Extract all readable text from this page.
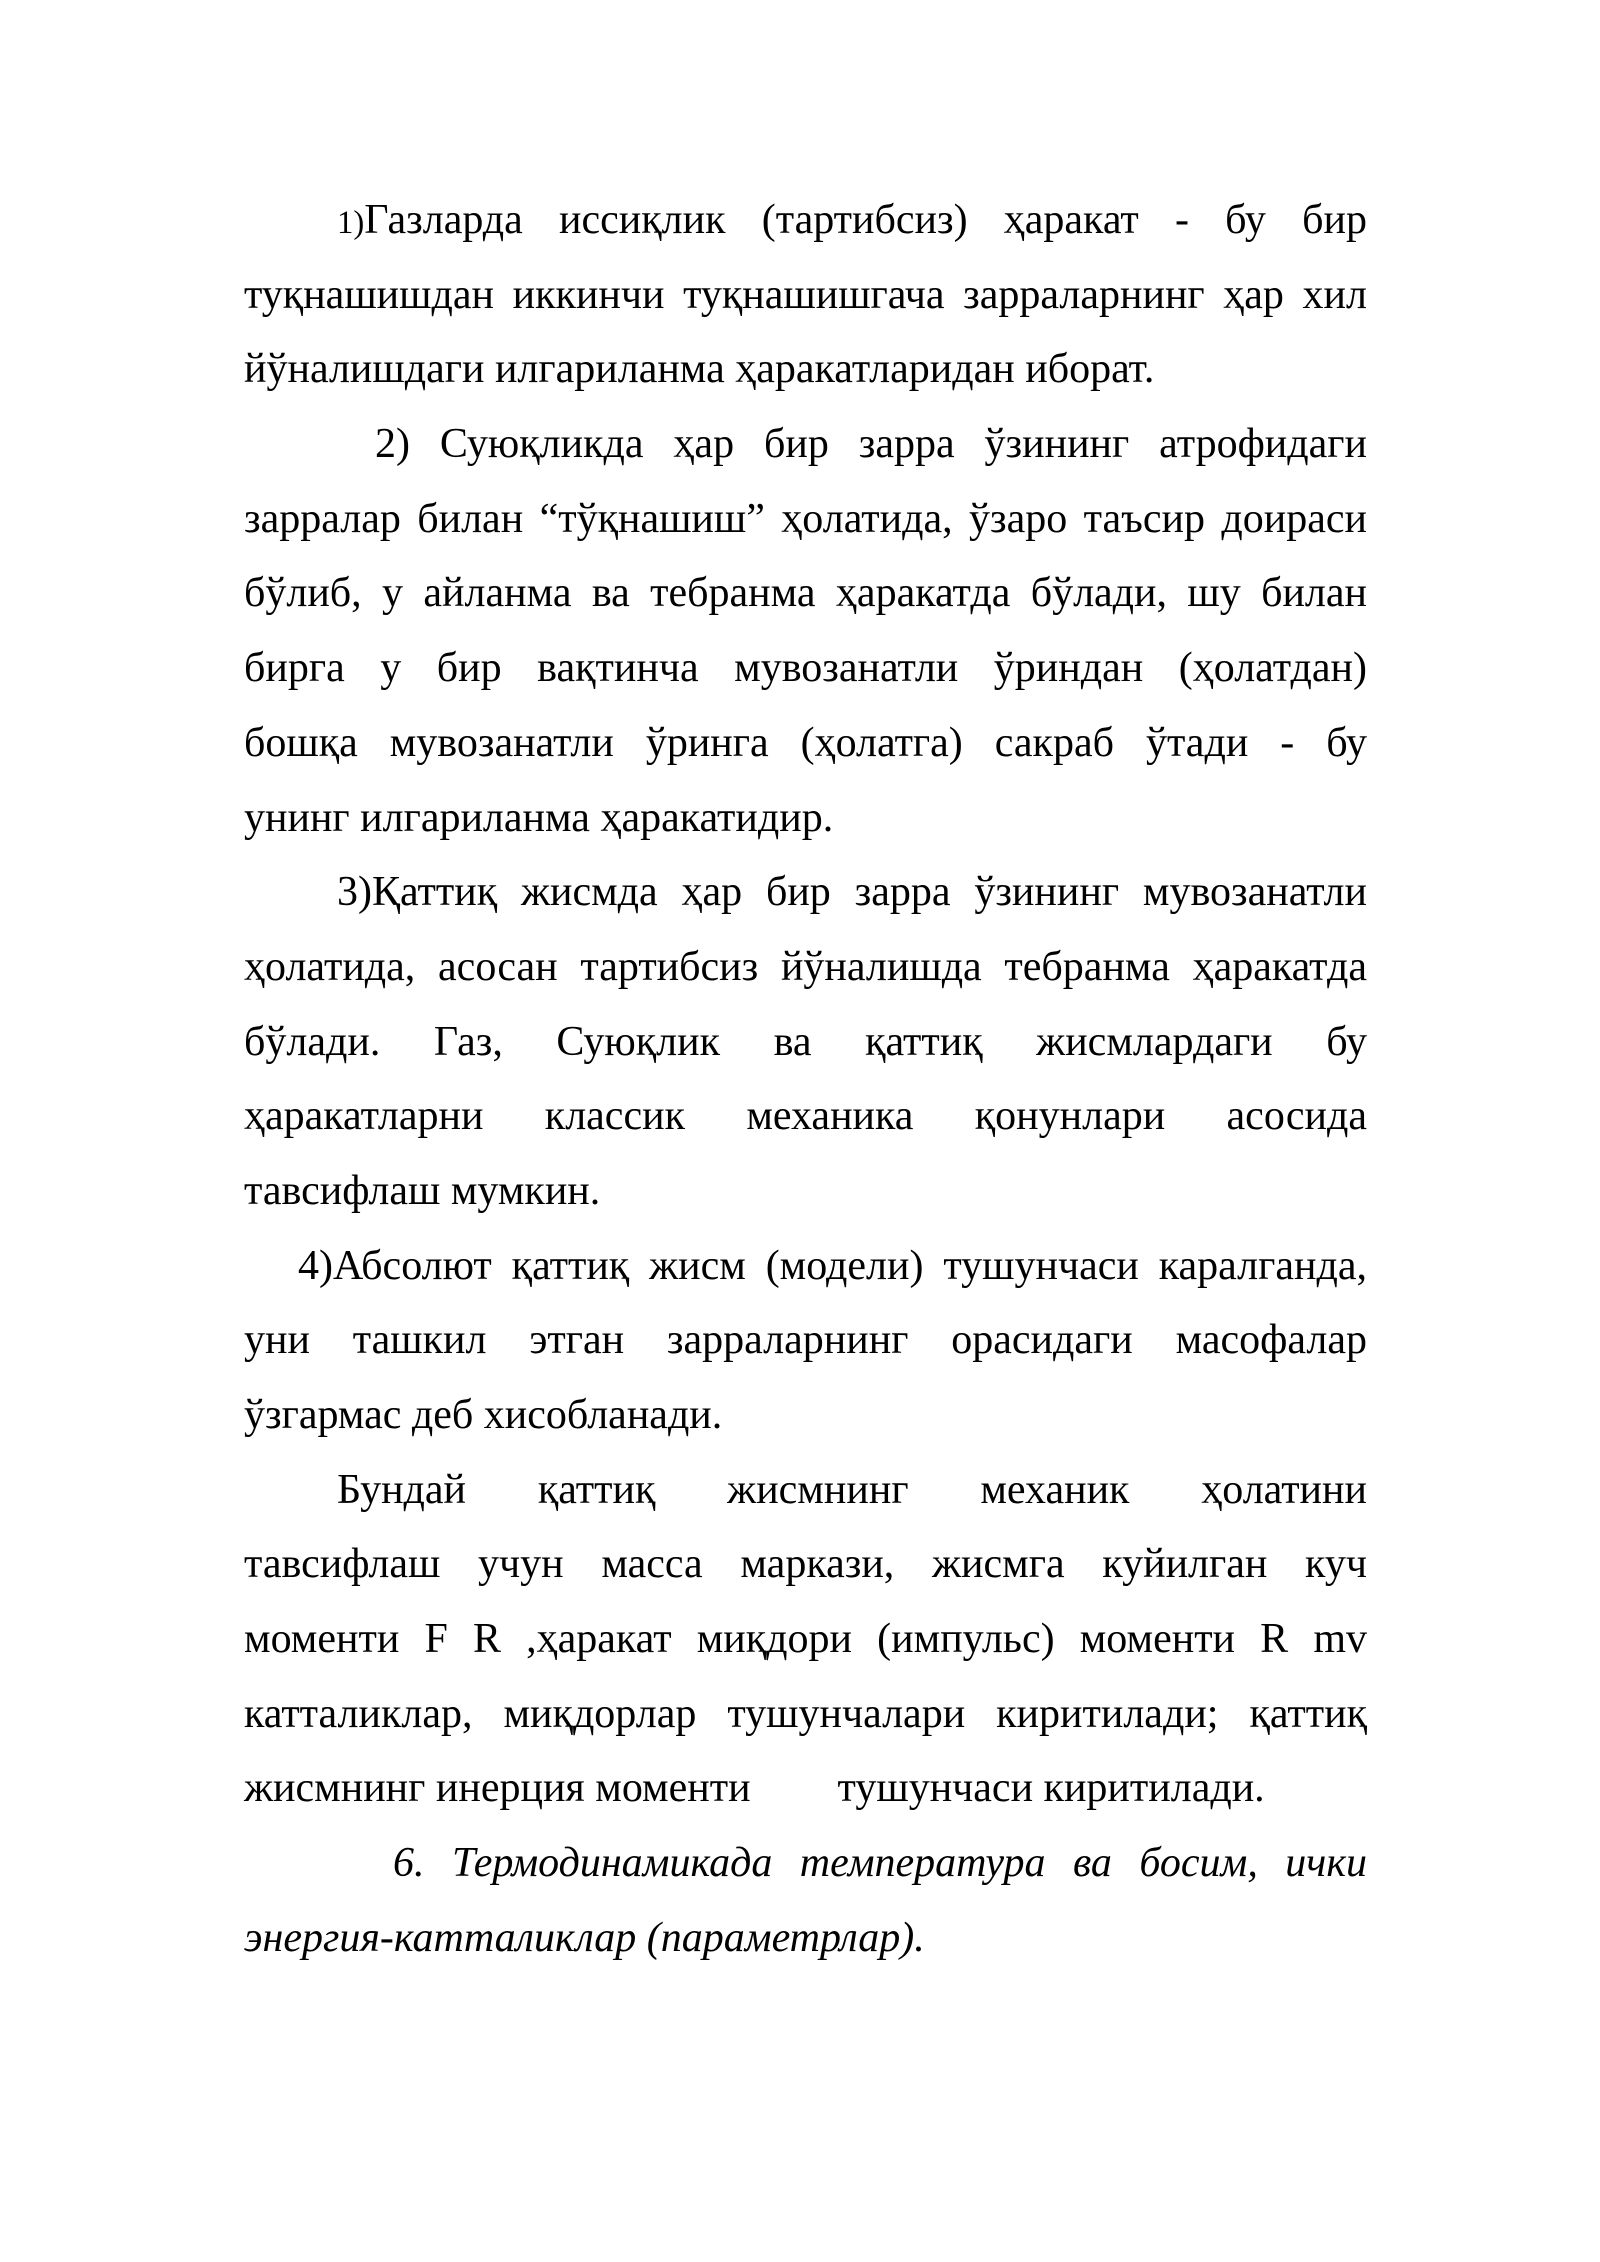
1)Газларда иссиқлик (тартибсиз) ҳаракат - бу бир
туқнашишдан иккинчи туқнашишгача зарраларнинг ҳар хил
йўналишдаги илгариланма ҳаракатларидан иборат.
2) Суюқликда ҳар бир зарра ўзининг атрофидаги
зарралар билан “тўқнашиш” ҳолатида, ўзаро таъсир доираси
бўлиб, у айланма ва тебранма ҳаракатда бўлади, шу билан
бирга у бир вақтинча мувозанатли ўриндан (ҳолатдан)
бошқа мувозанатли ўринга (ҳолатга) сакраб ўтади - бу
унинг илгариланма ҳаракатидир.
3)Қаттиқ жисмда ҳар бир зарра ўзининг мувозанатли
ҳолатида, асосан тартибсиз йўналишда тебранма ҳаракатда
бўлади. Газ, Суюқлик ва қаттиқ жисмлардаги бу
ҳаракатларни классик механика қонунлари асосида
тавсифлаш мумкин.
4)Абсолют қаттиқ жисм (модели) тушунчаси каралганда,
уни ташкил этган зарраларнинг орасидаги масофалар
ўзгармас деб хисобланади.
Бундай қаттиқ жисмнинг механик ҳолатини
тавсифлаш учун масса маркази, жисмга куйилган куч
моменти F R ,ҳаракат миқдори (импульс) моменти R mv
катталиклар, миқдорлар тушунчалари киритилади; қаттиқ
жисмнинг инерция моменти тушунчаси киритилади.
6. Термодинамикада температура ва босим, ички
энергия-катталиклар (параметрлар).
